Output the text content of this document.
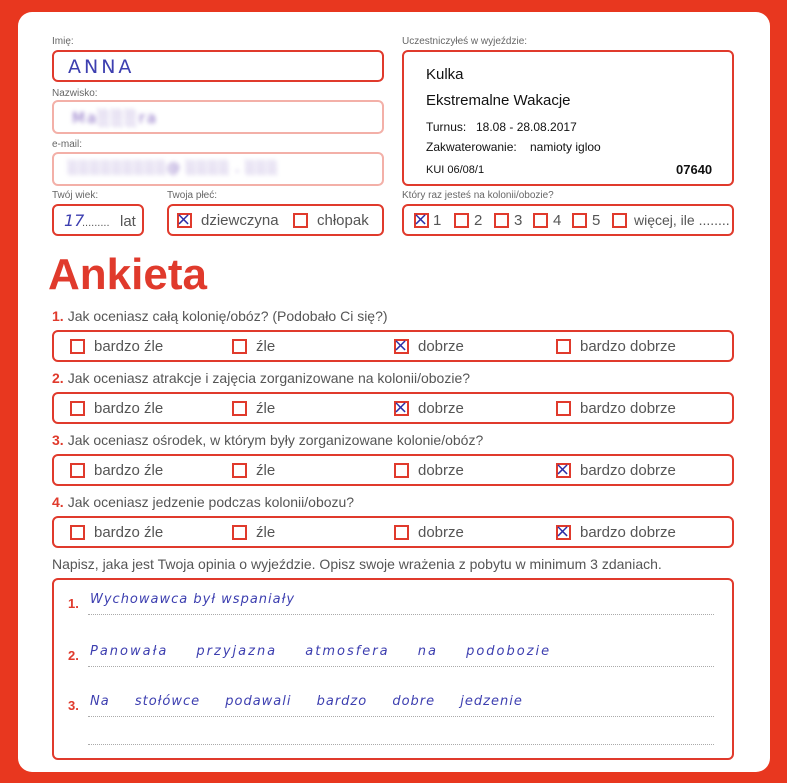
Imię:
ANNA
Nazwisko:
Ma░░░ra
e-mail:
░░░░░░░░░@ ░░░░ . ░░░
Twój wiek:
17
......... lat
Twoja płeć:
× dziewczyna	chłopak
Uczestniczyłeś w wyjeździe:
Kulka
Ekstremalne Wakacje
Turnus: 18.08 - 28.08.2017
Zakwaterowanie: namioty igloo
KUI 06/08/1	07640
Który raz jesteś na kolonii/obozie?
× 1 2 3 4 5 więcej, ile ........
Ankieta
1. Jak oceniasz całą kolonię/obóz? (Podobało Ci się?)
bardzo źle	źle	× dobrze	bardzo dobrze
2. Jak oceniasz atrakcje i zajęcia zorganizowane na kolonii/obozie?
bardzo źle	źle	× dobrze	bardzo dobrze
3. Jak oceniasz ośrodek, w którym były zorganizowane kolonie/obóz?
bardzo źle	źle	dobrze	× bardzo dobrze
4. Jak oceniasz jedzenie podczas kolonii/obozu?
bardzo źle	źle	dobrze	× bardzo dobrze
Napisz, jaka jest Twoja opinia o wyjeździe. Opisz swoje wrażenia z pobytu w minimum 3 zdaniach.
1. Wychowawca był wspaniały
2. Panowała przyjazna atmosfera na podobozie
3. Na stołówce podawali bardzo dobre jedzenie
